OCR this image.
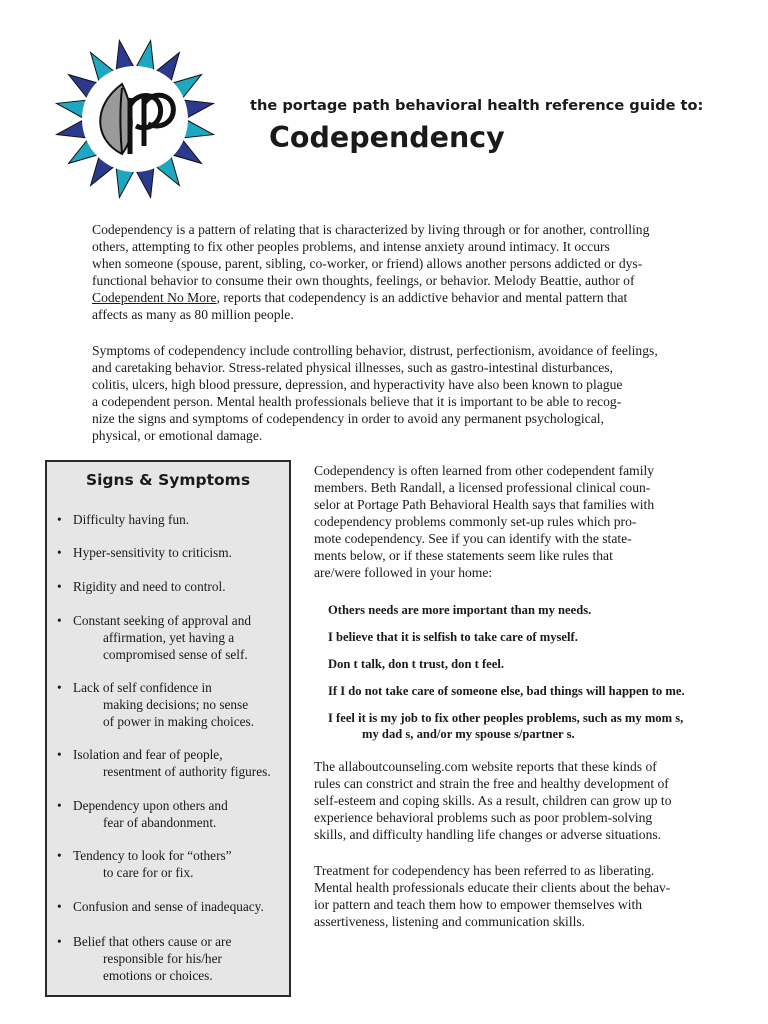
the portage path behavioral health reference guide to:
Codependency

Codependency is a pattern of relating that is characterized by living through or for another, controlling

others, attempting to fix other peoples problems, and intense anxiety around intimacy. It occurs

when someone (spouse, parent, sibling, co-worker, or friend) allows another persons addicted or dys-

functional behavior to consume their own thoughts, feelings, or behavior. Melody Beattie, author of

Codependent No More, reports that codependency is an addictive behavior and mental pattern that

affects as many as 80 million people.

Symptoms of codependency include controlling behavior, distrust, perfectionism, avoidance of feelings,

and caretaking behavior. Stress-related physical illnesses, such as gastro-intestinal disturbances,

colitis, ulcers, high blood pressure, depression, and hyperactivity have also been known to plague

a codependent person. Mental health professionals believe that it is important to be able to recog-

nize the signs and symptoms of codependency in order to avoid any permanent psychological,

physical, or emotional damage.

Signs & Symptoms

• Difficulty having fun.

• Hyper-sensitivity to criticism.

• Rigidity and need to control.

• Constant seeking of approval and

affirmation, yet having a

compromised sense of self.

• Lack of self confidence in

making decisions; no sense

of power in making choices.

• Isolation and fear of people,

resentment of authority figures.

• Dependency upon others and

fear of abandonment.

• Tendency to look for “others”

to care for or fix.

• Confusion and sense of inadequacy.

• Belief that others cause or are

responsible for his/her

emotions or choices.

Codependency is often learned from other codependent family

members. Beth Randall, a licensed professional clinical coun-

selor at Portage Path Behavioral Health says that families with

codependency problems commonly set-up rules which pro-

mote codependency. See if you can identify with the state-

ments below, or if these statements seem like rules that

are/were followed in your home:

Others needs are more important than my needs.

I believe that it is selfish to take care of myself.

Don t talk, don t trust, don t feel.

If I do not take care of someone else, bad things will happen to me.

I feel it is my job to fix other peoples problems, such as my mom s,

my dad s, and/or my spouse s/partner s.

The allaboutcounseling.com website reports that these kinds of

rules can constrict and strain the free and healthy development of

self-esteem and coping skills. As a result, children can grow up to

experience behavioral problems such as poor problem-solving

skills, and difficulty handling life changes or adverse situations.

Treatment for codependency has been referred to as liberating.

Mental health professionals educate their clients about the behav-

ior pattern and teach them how to empower themselves with

assertiveness, listening and communication skills.
